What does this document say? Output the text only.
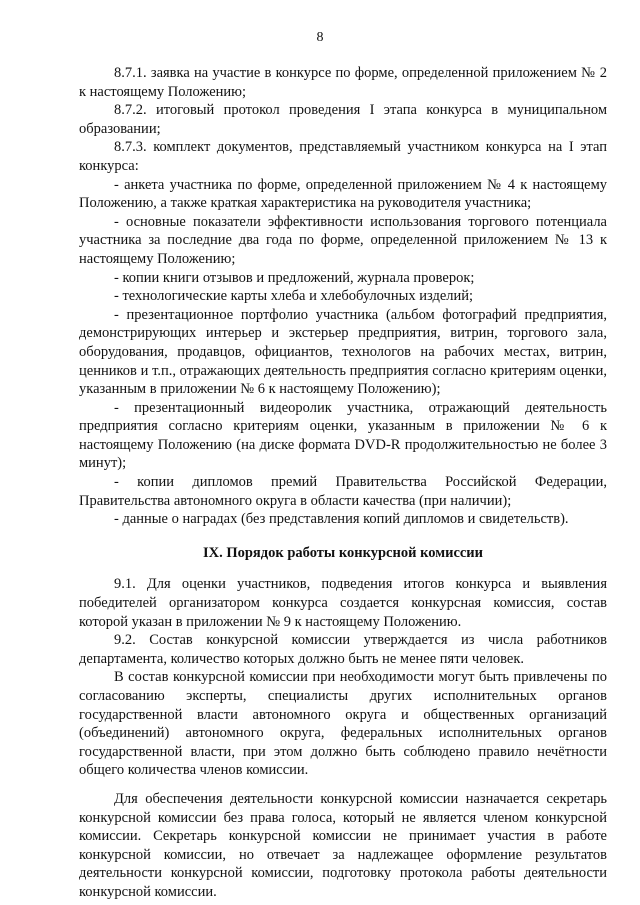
8

8.7.1. заявка на участие в конкурсе по форме, определенной приложением № 2 к настоящему Положению;

8.7.2. итоговый протокол проведения I этапа конкурса в муниципальном образовании;

8.7.3. комплект документов, представляемый участником конкурса на I этап конкурса:

- анкета участника по форме, определенной приложением № 4 к настоящему Положению, а также краткая характеристика на руководителя участника;

- основные показатели эффективности использования торгового потенциала участника за последние два года по форме, определенной приложением № 13 к настоящему Положению;

- копии книги отзывов и предложений, журнала проверок;

- технологические карты хлеба и хлебобулочных изделий;

- презентационное портфолио участника (альбом фотографий предприятия, демонстрирующих интерьер и экстерьер предприятия, витрин, торгового зала, оборудования, продавцов, официантов, технологов на рабочих местах, витрин, ценников и т.п., отражающих деятельность предприятия согласно критериям оценки, указанным в приложении № 6 к настоящему Положению);

- презентационный видеоролик участника, отражающий деятельность предприятия согласно критериям оценки, указанным в приложении № 6 к настоящему Положению (на диске формата DVD-R продолжительностью не более 3 минут);

- копии дипломов премий Правительства Российской Федерации, Правительства автономного округа в области качества (при наличии);

- данные о наградах (без представления копий дипломов и свидетельств).

IX. Порядок работы конкурсной комиссии

9.1. Для оценки участников, подведения итогов конкурса и выявления победителей организатором конкурса создается конкурсная комиссия, состав которой указан в приложении № 9 к настоящему Положению.

9.2. Состав конкурсной комиссии утверждается из числа работников департамента, количество которых должно быть не менее пяти человек.

В состав конкурсной комиссии при необходимости могут быть привлечены по согласованию эксперты, специалисты других исполнительных органов государственной власти автономного округа и общественных организаций (объединений) автономного округа, федеральных исполнительных органов государственной власти, при этом должно быть соблюдено правило нечётности общего количества членов комиссии.

Для обеспечения деятельности конкурсной комиссии назначается секретарь конкурсной комиссии без права голоса, который не является членом конкурсной комиссии. Секретарь конкурсной комиссии не принимает участия в работе конкурсной комиссии, но отвечает за надлежащее оформление результатов деятельности конкурсной комиссии, подготовку протокола работы деятельности конкурсной комиссии.
